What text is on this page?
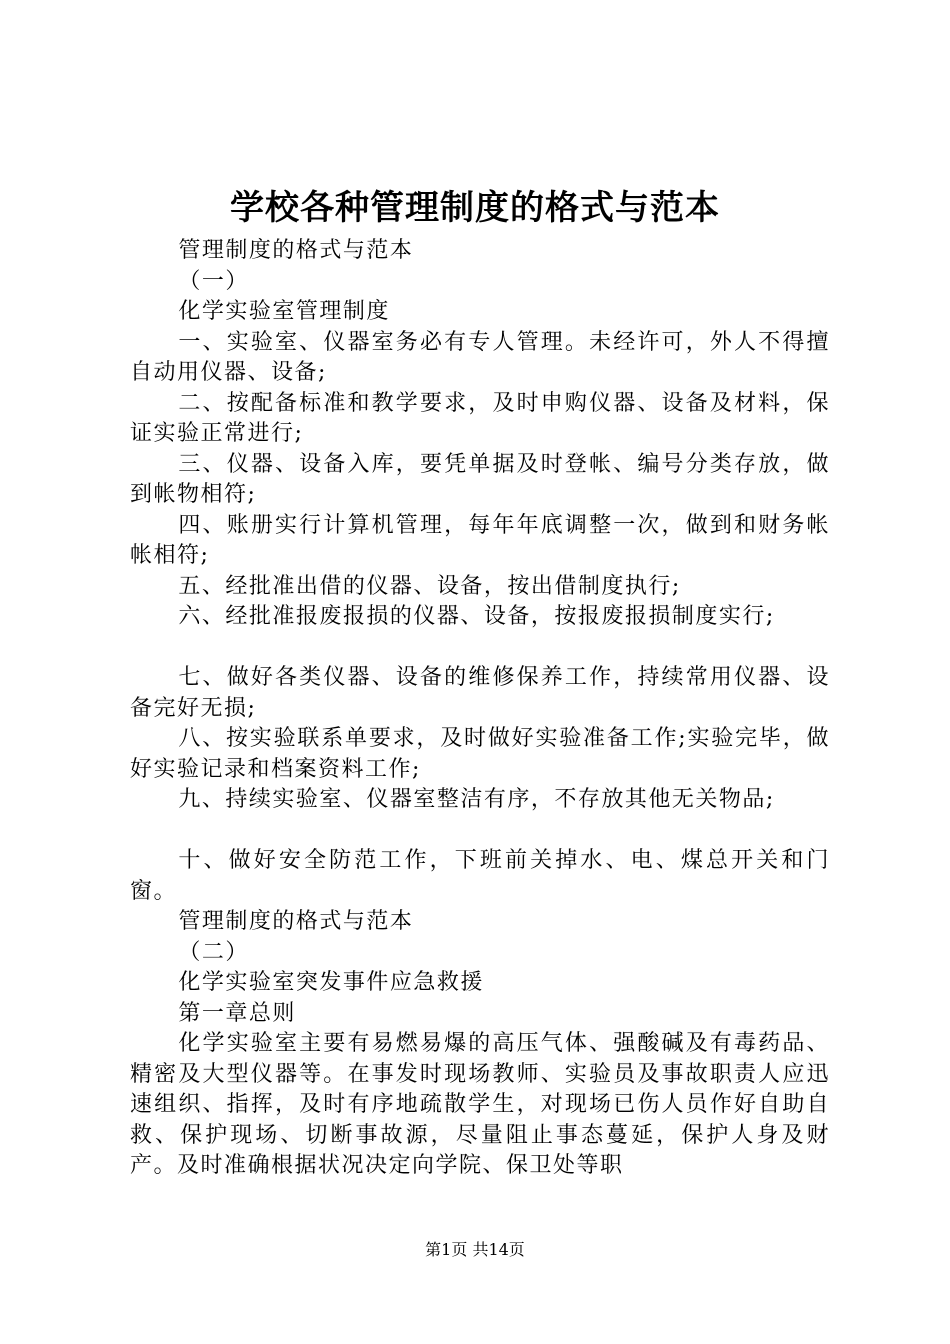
学校各种管理制度的格式与范本

管理制度的格式与范本

（一）

化学实验室管理制度

一、实验室、仪器室务必有专人管理。未经许可，外人不得擅自动用仪器、设备;

二、按配备标准和教学要求，及时申购仪器、设备及材料，保证实验正常进行;

三、仪器、设备入库，要凭单据及时登帐、编号分类存放，做到帐物相符;

四、账册实行计算机管理，每年年底调整一次，做到和财务帐帐相符;

五、经批准出借的仪器、设备，按出借制度执行;

六、经批准报废报损的仪器、设备，按报废报损制度实行;

七、做好各类仪器、设备的维修保养工作，持续常用仪器、设备完好无损;

八、按实验联系单要求，及时做好实验准备工作;实验完毕，做好实验记录和档案资料工作;

九、持续实验室、仪器室整洁有序，不存放其他无关物品;

十、做好安全防范工作，下班前关掉水、电、煤总开关和门窗。

管理制度的格式与范本

（二）

化学实验室突发事件应急救援

第一章总则

化学实验室主要有易燃易爆的高压气体、强酸碱及有毒药品、精密及大型仪器等。在事发时现场教师、实验员及事故职责人应迅速组织、指挥，及时有序地疏散学生，对现场已伤人员作好自助自救、保护现场、切断事故源，尽量阻止事态蔓延，保护人身及财产。及时准确根据状况决定向学院、保卫处等职

第1页 共14页
